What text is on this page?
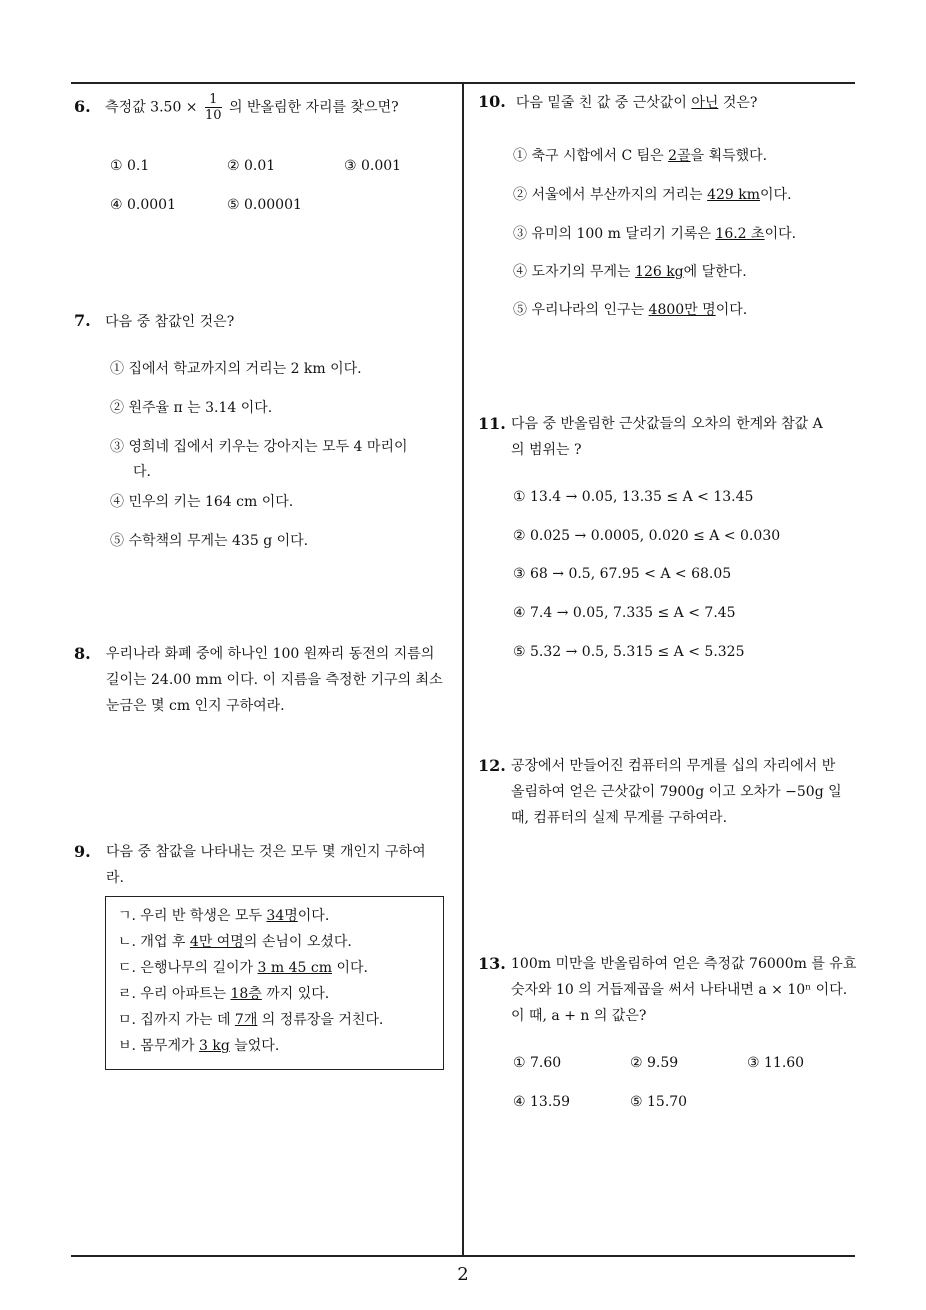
6. 측정값 $3.50 \times \frac{1}{10}$ 의 반올림한 자리를 찾으면?
① 0.1	② 0.01	③ 0.001
④ 0.0001	⑤ 0.00001
7. 다음 중 참값인 것은?
① 집에서 학교까지의 거리는 2 km 이다.
② 원주율 π 는 3.14 이다.
③ 영희네 집에서 키우는 강아지는 모두 4 마리이
다.
④ 민우의 키는 164 cm 이다.
⑤ 수학책의 무게는 435 g 이다.
8.	우리나라 화폐 중에 하나인 100 원짜리 동전의 지름의
길이는 24.00 mm 이다. 이 지름을 측정한 기구의 최소
눈금은 몇 cm 인지 구하여라.
9.	다음 중 참값을 나타내는 것은 모두 몇 개인지 구하여
라.
ㄱ. 우리 반 학생은 모두 34명이다.
ㄴ. 개업 후 4만 여명의 손님이 오셨다.
ㄷ. 은행나무의 길이가 3 m 45 cm 이다.
ㄹ. 우리 아파트는 18층 까지 있다.
ㅁ. 집까지 가는 데 7개 의 정류장을 거친다.
ㅂ. 몸무게가 3 kg 늘었다.
10. 다음 밑줄 친 값 중 근삿값이 아닌 것은?
① 축구 시합에서 C 팀은 2골을 획득했다.
② 서울에서 부산까지의 거리는 429 km이다.
③ 유미의 100 m 달리기 기록은 16.2 초이다.
④ 도자기의 무게는 126 kg에 달한다.
⑤ 우리나라의 인구는 4800만 명이다.
11. 다음 중 반올림한 근삿값들의 오차의 한계와 참값 A
의 범위는 ?
① 13.4 → 0.05, 13.35 ≤ A < 13.45
② 0.025 → 0.0005, 0.020 ≤ A < 0.030
③ 68 → 0.5, 67.95 < A < 68.05
④ 7.4 → 0.05, 7.335 ≤ A < 7.45
⑤ 5.32 → 0.5, 5.315 ≤ A < 5.325
12. 공장에서 만들어진 컴퓨터의 무게를 십의 자리에서 반
올림하여 얻은 근삿값이 7900g 이고 오차가 −50g 일
때, 컴퓨터의 실제 무게를 구하여라.
13. 100m 미만을 반올림하여 얻은 측정값 76000m 를 유효
숫자와 10 의 거듭제곱을 써서 나타내면 a × 10ⁿ 이다.
이 때, a + n 의 값은?
① 7.60	② 9.59	③ 11.60
④ 13.59	⑤ 15.70
2
